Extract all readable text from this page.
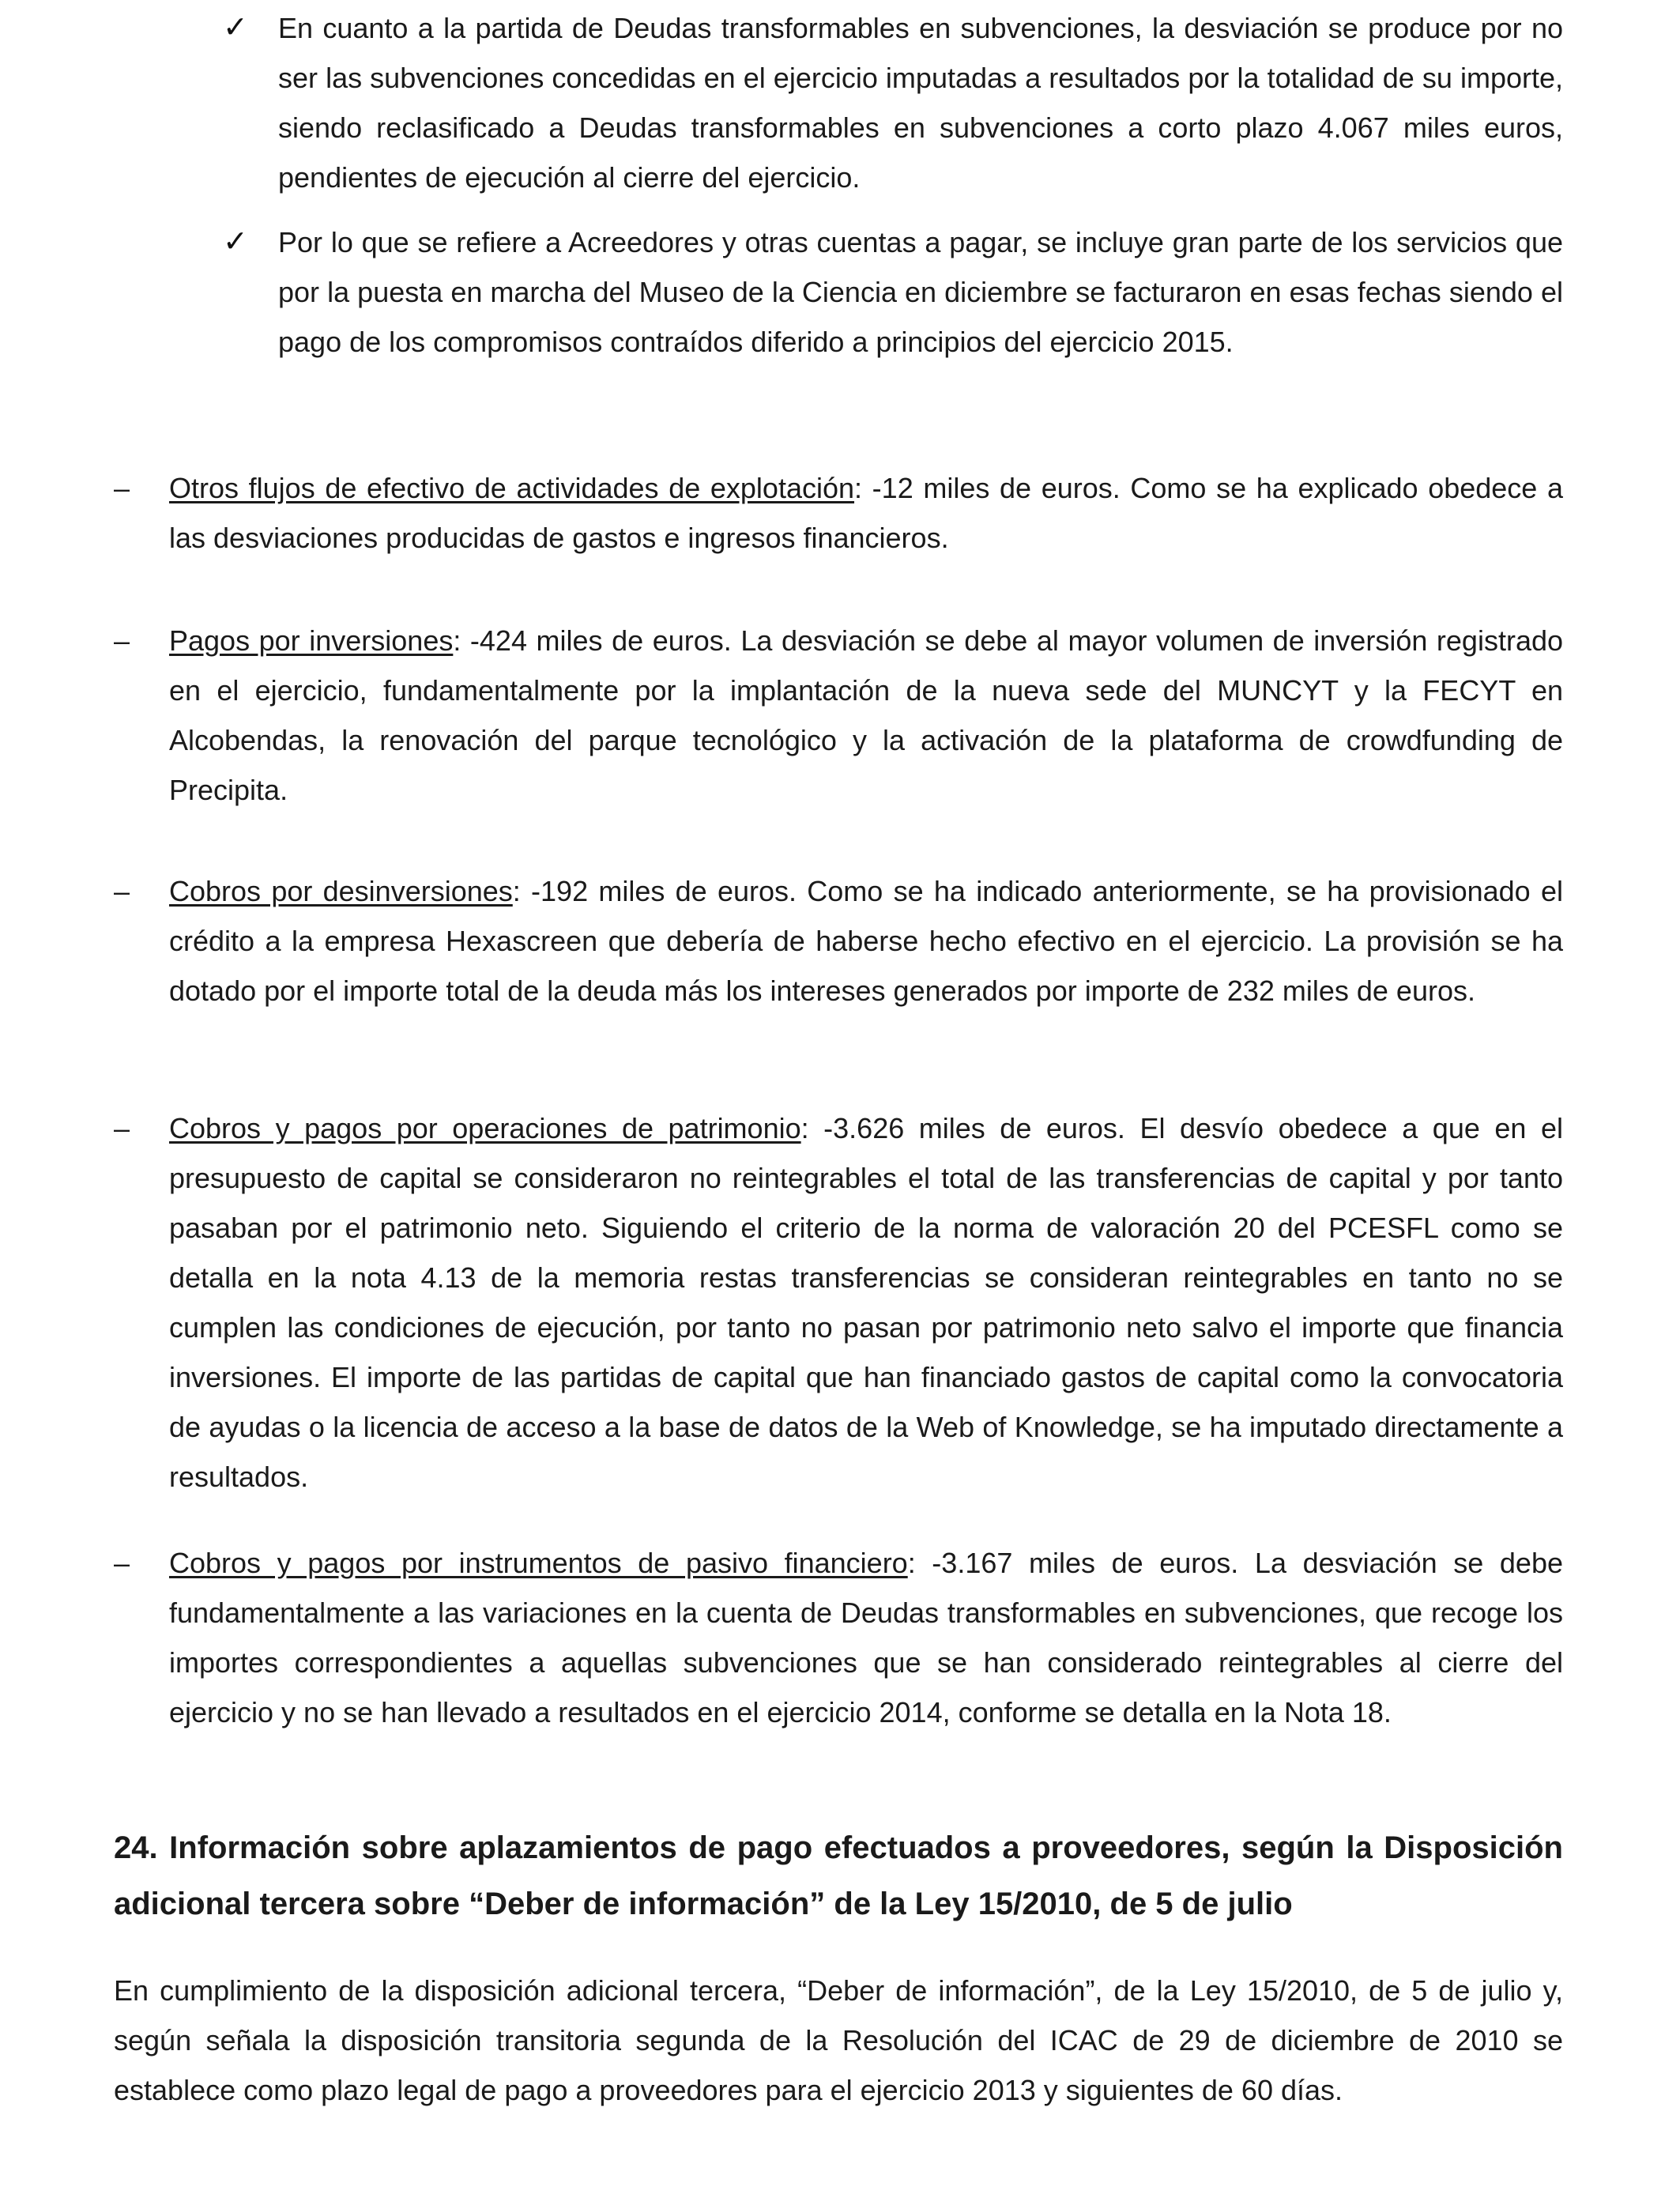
✓ En cuanto a la partida de Deudas transformables en subvenciones, la desviación se produce por no ser las subvenciones concedidas en el ejercicio imputadas a resultados por la totalidad de su importe, siendo reclasificado a Deudas transformables en subvenciones a corto plazo 4.067 miles euros, pendientes de ejecución al cierre del ejercicio.
✓ Por lo que se refiere a Acreedores y otras cuentas a pagar, se incluye gran parte de los servicios que por la puesta en marcha del Museo de la Ciencia en diciembre se facturaron en esas fechas siendo el pago de los compromisos contraídos diferido a principios del ejercicio 2015.
– Otros flujos de efectivo de actividades de explotación: -12 miles de euros. Como se ha explicado obedece a las desviaciones producidas de gastos e ingresos financieros.
– Pagos por inversiones: -424 miles de euros. La desviación se debe al mayor volumen de inversión registrado en el ejercicio, fundamentalmente por la implantación de la nueva sede del MUNCYT y la FECYT en Alcobendas, la renovación del parque tecnológico y la activación de la plataforma de crowdfunding de Precipita.
– Cobros por desinversiones: -192 miles de euros. Como se ha indicado anteriormente, se ha provisionado el crédito a la empresa Hexascreen que debería de haberse hecho efectivo en el ejercicio. La provisión se ha dotado por el importe total de la deuda más los intereses generados por importe de 232 miles de euros.
– Cobros y pagos por operaciones de patrimonio: -3.626 miles de euros. El desvío obedece a que en el presupuesto de capital se consideraron no reintegrables el total de las transferencias de capital y por tanto pasaban por el patrimonio neto. Siguiendo el criterio de la norma de valoración 20 del PCESFL como se detalla en la nota 4.13 de la memoria restas transferencias se consideran reintegrables en tanto no se cumplen las condiciones de ejecución, por tanto no pasan por patrimonio neto salvo el importe que financia inversiones. El importe de las partidas de capital que han financiado gastos de capital como la convocatoria de ayudas o la licencia de acceso a la base de datos de la Web of Knowledge, se ha imputado directamente a resultados.
– Cobros y pagos por instrumentos de pasivo financiero: -3.167 miles de euros. La desviación se debe fundamentalmente a las variaciones en la cuenta de Deudas transformables en subvenciones, que recoge los importes correspondientes a aquellas subvenciones que se han considerado reintegrables al cierre del ejercicio y no se han llevado a resultados en el ejercicio 2014, conforme se detalla en la Nota 18.
24. Información sobre aplazamientos de pago efectuados a proveedores, según la Disposición adicional tercera sobre “Deber de información” de la Ley 15/2010, de 5 de julio
En cumplimiento de la disposición adicional tercera, “Deber de información”, de la Ley 15/2010, de 5 de julio y, según señala la disposición transitoria segunda de la Resolución del ICAC de 29 de diciembre de 2010 se establece como plazo legal de pago a proveedores para el ejercicio 2013 y siguientes de 60 días.
